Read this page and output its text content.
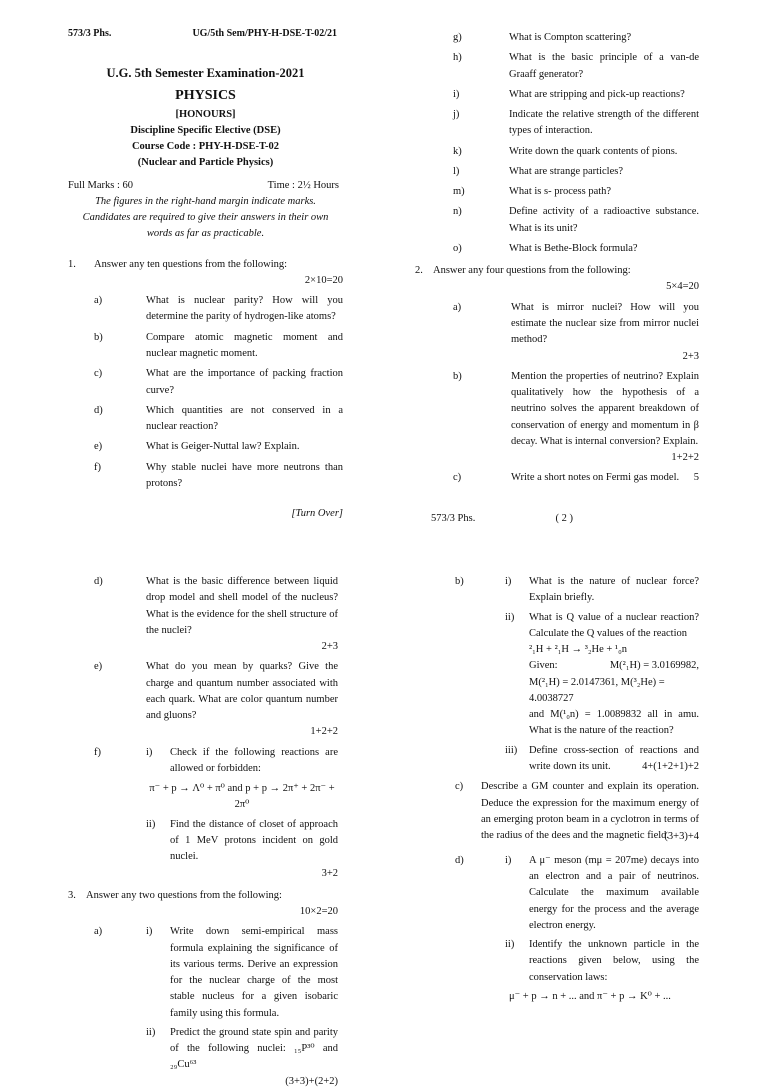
573/3 Phs.	UG/5th Sem/PHY-H-DSE-T-02/21
U.G. 5th Semester Examination-2021
PHYSICS
[HONOURS]
Discipline Specific Elective (DSE)
Course Code : PHY-H-DSE-T-02
(Nuclear and Particle Physics)
Full Marks : 60	Time : 2½ Hours
The figures in the right-hand margin indicate marks. Candidates are required to give their answers in their own words as far as practicable.
1.	Answer any ten questions from the following:
2×10=20
a)	What is nuclear parity? How will you determine the parity of hydrogen-like atoms?
b)	Compare atomic magnetic moment and nuclear magnetic moment.
c)	What are the importance of packing fraction curve?
d)	Which quantities are not conserved in a nuclear reaction?
e)	What is Geiger-Nuttal law? Explain.
f)	Why stable nuclei have more neutrons than protons?
[Turn Over]
g)	What is Compton scattering?
h)	What is the basic principle of a van-de Graaff generator?
i)	What are stripping and pick-up reactions?
j)	Indicate the relative strength of the different types of interaction.
k)	Write down the quark contents of pions.
l)	What are strange particles?
m)	What is s- process path?
n)	Define activity of a radioactive substance. What is its unit?
o)	What is Bethe-Block formula?
2. Answer any four questions from the following:
5×4=20
a)	What is mirror nuclei? How will you estimate the nuclear size from mirror nuclei method?
2+3
b)	Mention the properties of neutrino? Explain qualitatively how the hypothesis of a neutrino solves the apparent breakdown of conservation of energy and momentum in β decay. What is internal conversion? Explain.
1+2+2
c)	Write a short notes on Fermi gas model.	5
573/3 Phs.	( 2 )
d)	What is the basic difference between liquid drop model and shell model of the nucleus? What is the evidence for the shell structure of the nuclei?
2+3
e)	What do you mean by quarks? Give the charge and quantum number associated with each quark. What are color quantum number and gluons?
1+2+2
f)	i)	Check if the following reactions are allowed or forbidden:
π⁻ + p → Λ⁰ + π⁰ and p + p → 2π⁺ + 2π⁻ + 2π⁰
ii)	Find the distance of closet of approach of 1 MeV protons incident on gold nuclei.
3+2
3. Answer any two questions from the following:
10×2=20
a)	i)	Write down semi-empirical mass formula explaining the significance of its various terms. Derive an expression for the nuclear charge of the most stable nucleus for a given isobaric family using this formula.
ii)	Predict the ground state spin and parity of the following nuclei: ₁₅P³⁰ and ₂₉Cu⁶³
(3+3)+(2+2)
b)	i)	What is the nature of nuclear force? Explain briefly.
ii)	What is Q value of a nuclear reaction? Calculate the Q values of the reaction
²₁H + ²₁H → ³₂He + ¹₀n
Given:	M(²₁H) = 3.0169982,
M(²₁H) = 2.0147361, M(³₂He) = 4.0038727
and M(¹₀n) = 1.0089832 all in amu. What is the nature of the reaction?
iii)	Define cross-section of reactions and write down its unit.	4+(1+2+1)+2
c)	Describe a GM counter and explain its operation. Deduce the expression for the maximum energy of an emerging proton beam in a cyclotron in terms of the radius of the dees and the magnetic field.
(3+3)+4
d)	i)	A μ⁻ meson (mμ = 207me) decays into an electron and a pair of neutrinos. Calculate the maximum available energy for the process and the average electron energy.
ii)	Identify the unknown particle in the reactions given below, using the conservation laws:
μ⁻ + p → n + ... and π⁻ + p → K⁰ + ...
